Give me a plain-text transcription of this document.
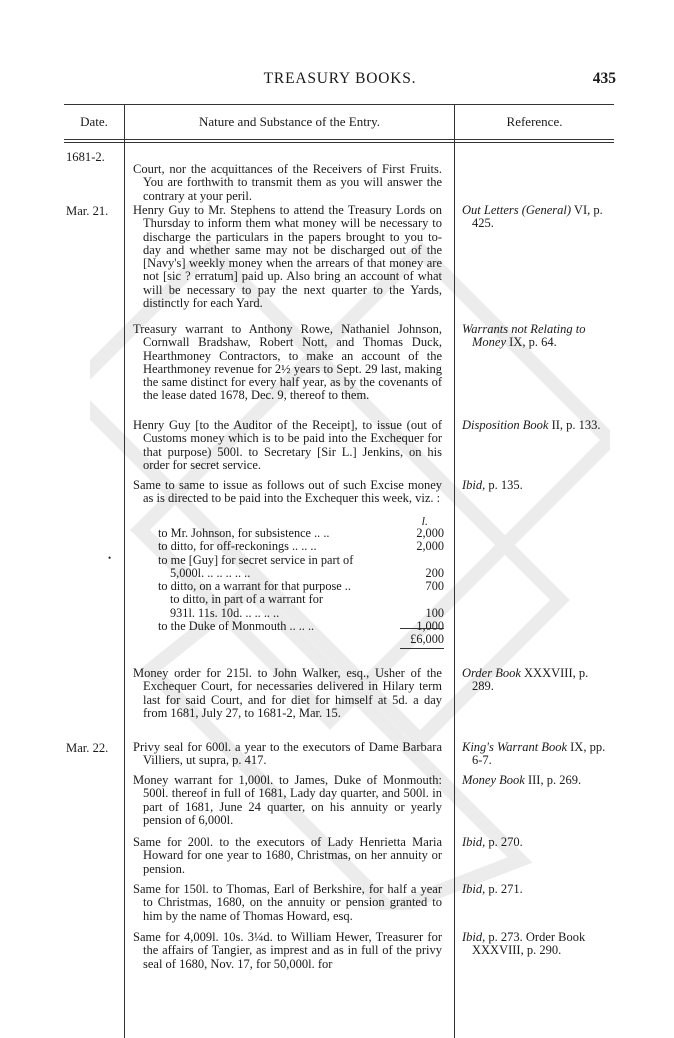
TREASURY BOOKS.	435
Date.	Nature and Substance of the Entry.	Reference.
1681-2.
Court, nor the acquittances of the Receivers of First Fruits. You are forthwith to transmit them as you will answer the contrary at your peril.
Mar. 21.	Henry Guy to Mr. Stephens to attend the Treasury Lords on Thursday to inform them what money will be necessary to discharge the particulars in the papers brought to you to-day and whether same may not be discharged out of the [Navy's] weekly money when the arrears of that money are not [sic ? erratum] paid up. Also bring an account of what will be necessary to pay the next quarter to the Yards, distinctly for each Yard.
Out Letters (General) VI, p. 425.
Treasury warrant to Anthony Rowe, Nathaniel Johnson, Cornwall Bradshaw, Robert Nott, and Thomas Duck, Hearthmoney Contractors, to make an account of the Hearthmoney revenue for 2½ years to Sept. 29 last, making the same distinct for every half year, as by the covenants of the lease dated 1678, Dec. 9, thereof to them.
Warrants not Relating to Money IX, p. 64.
Henry Guy [to the Auditor of the Receipt], to issue (out of Customs money which is to be paid into the Exchequer for that purpose) 500l. to Secretary [Sir L.] Jenkins, on his order for secret service.
Disposition Book II, p. 133.
Same to same to issue as follows out of such Excise money as is directed to be paid into the Exchequer this week, viz. :
Ibid, p. 135.
l.
to Mr. Johnson, for subsistence .. ..	2,000
to ditto, for off-reckonings .. .. ..	2,000
to me [Guy] for secret service in part of
5,000l. .. .. .. .. ..	200
to ditto, on a warrant for that purpose ..	700
to ditto, in part of a warrant for
931l. 11s. 10d. .. .. .. ..	100
to the Duke of Monmouth .. .. ..	1,000
£6,000
•
Money order for 215l. to John Walker, esq., Usher of the Exchequer Court, for necessaries delivered in Hilary term last for said Court, and for diet for himself at 5d. a day from 1681, July 27, to 1681-2, Mar. 15.
Order Book XXXVIII, p. 289.
Mar. 22.	Privy seal for 600l. a year to the executors of Dame Barbara Villiers, ut supra, p. 417.
King's Warrant Book IX, pp. 6-7.
Money warrant for 1,000l. to James, Duke of Monmouth: 500l. thereof in full of 1681, Lady day quarter, and 500l. in part of 1681, June 24 quarter, on his annuity or yearly pension of 6,000l.
Money Book III, p. 269.
Same for 200l. to the executors of Lady Henrietta Maria Howard for one year to 1680, Christmas, on her annuity or pension.
Ibid, p. 270.
Same for 150l. to Thomas, Earl of Berkshire, for half a year to Christmas, 1680, on the annuity or pension granted to him by the name of Thomas Howard, esq.
Ibid, p. 271.
Same for 4,009l. 10s. 3¼d. to William Hewer, Treasurer for the affairs of Tangier, as imprest and as in full of the privy seal of 1680, Nov. 17, for 50,000l. for
Ibid, p. 273. Order Book XXXVIII, p. 290.
